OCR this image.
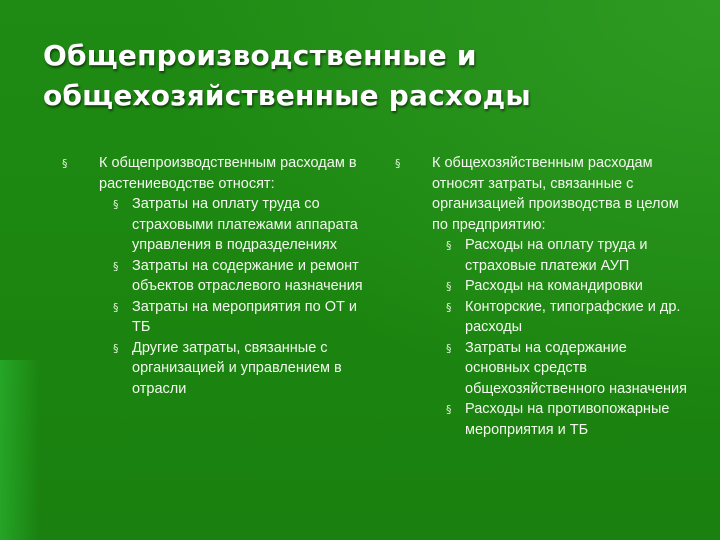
Общепроизводственные и
общехозяйственные расходы
§ К общепроизводственным расходам в растениеводстве относят:
§ Затраты на оплату труда со страховыми платежами аппарата управления в подразделениях
§ Затраты на содержание и ремонт объектов отраслевого назначения
§ Затраты на мероприятия по ОТ и ТБ
§ Другие затраты, связанные с организацией и управлением в отрасли
§ К общехозяйственным расходам относят затраты, связанные с организацией производства в целом по предприятию:
§ Расходы на оплату труда и страховые платежи АУП
§ Расходы на командировки
§ Конторские, типографские и др. расходы
§ Затраты на содержание основных средств общехозяйственного назначения
§ Расходы на противопожарные мероприятия и ТБ
